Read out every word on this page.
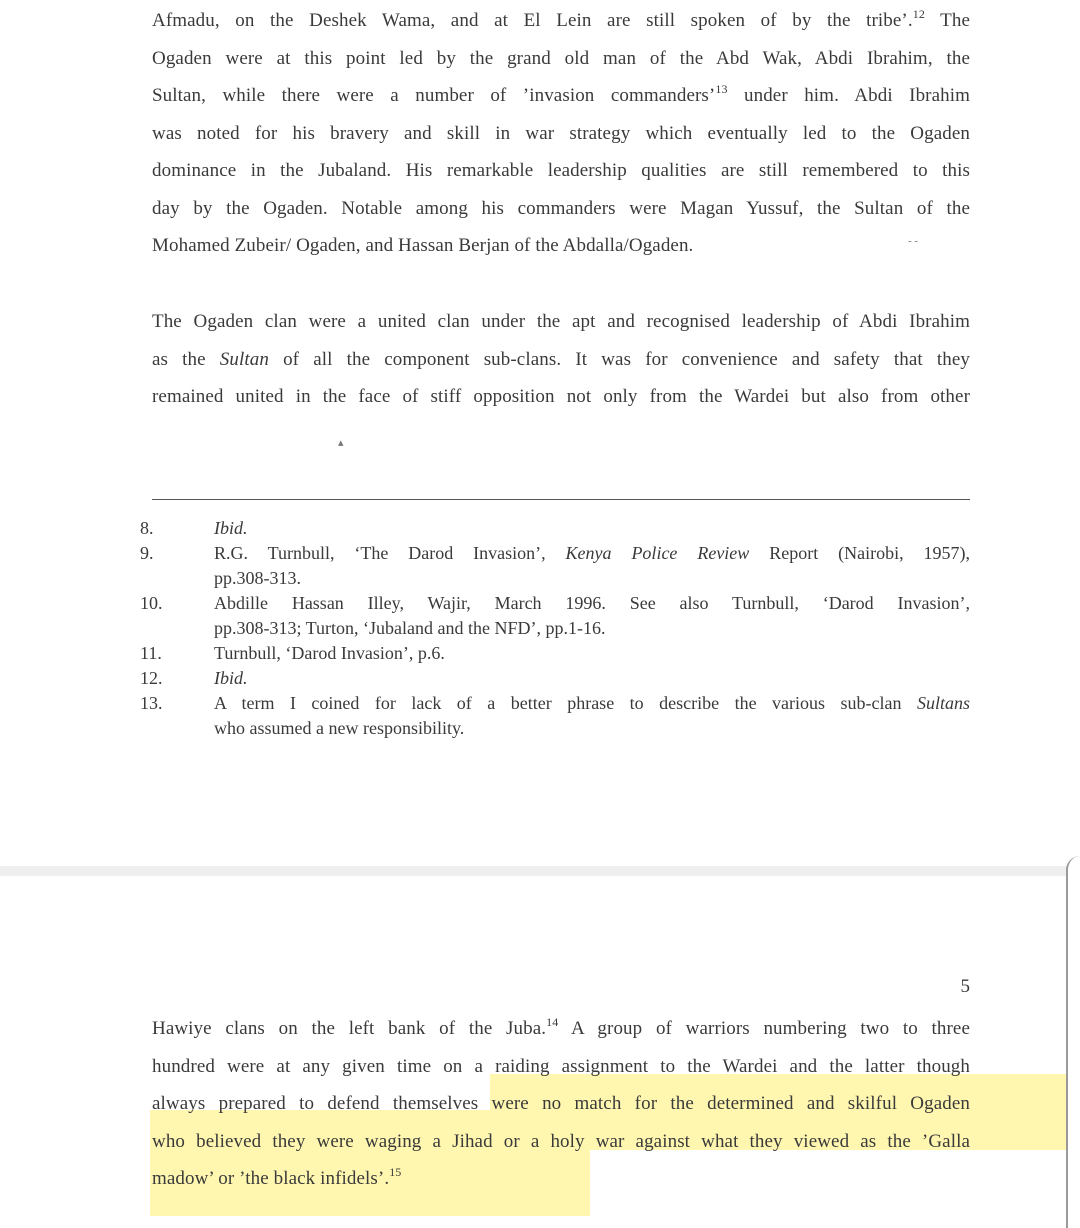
Afmadu, on the Deshek Wama, and at El Lein are still spoken of by the tribe’.$^{12}$ The
Ogaden were at this point led by the grand old man of the Abd Wak, Abdi Ibrahim, the
Sultan, while there were a number of ’invasion commanders’$^{13}$ under him. Abdi Ibrahim
was noted for his bravery and skill in war strategy which eventually led to the Ogaden
dominance in the Jubaland. His remarkable leadership qualities are still remembered to this
day by the Ogaden. Notable among his commanders were Magan Yussuf, the Sultan of the
Mohamed Zubeir/ Ogaden, and Hassan Berjan of the Abdalla/Ogaden.
The Ogaden clan were a united clan under the apt and recognised leadership of Abdi Ibrahim
as the Sultan of all the component sub-clans. It was for convenience and safety that they
remained united in the face of stiff opposition not only from the Wardei but also from other
▴
- -
8.	Ibid.
9.	R.G. Turnbull, ‘The Darod Invasion’, Kenya Police Review Report (Nairobi, 1957),
pp.308-313.
10.	Abdille Hassan Illey, Wajir, March 1996. See also Turnbull, ‘Darod Invasion’,
pp.308-313; Turton, ‘Jubaland and the NFD’, pp.1-16.
11.	Turnbull, ‘Darod Invasion’, p.6.
12.	Ibid.
13.	A term I coined for lack of a better phrase to describe the various sub-clan Sultans
who assumed a new responsibility.
5
Hawiye clans on the left bank of the Juba.$^{14}$ A group of warriors numbering two to three
hundred were at any given time on a raiding assignment to the Wardei and the latter though
always prepared to defend themselves were no match for the determined and skilful Ogaden
who believed they were waging a Jihad or a holy war against what they viewed as the ’Galla
madow’ or ’the black infidels’.$^{15}$
